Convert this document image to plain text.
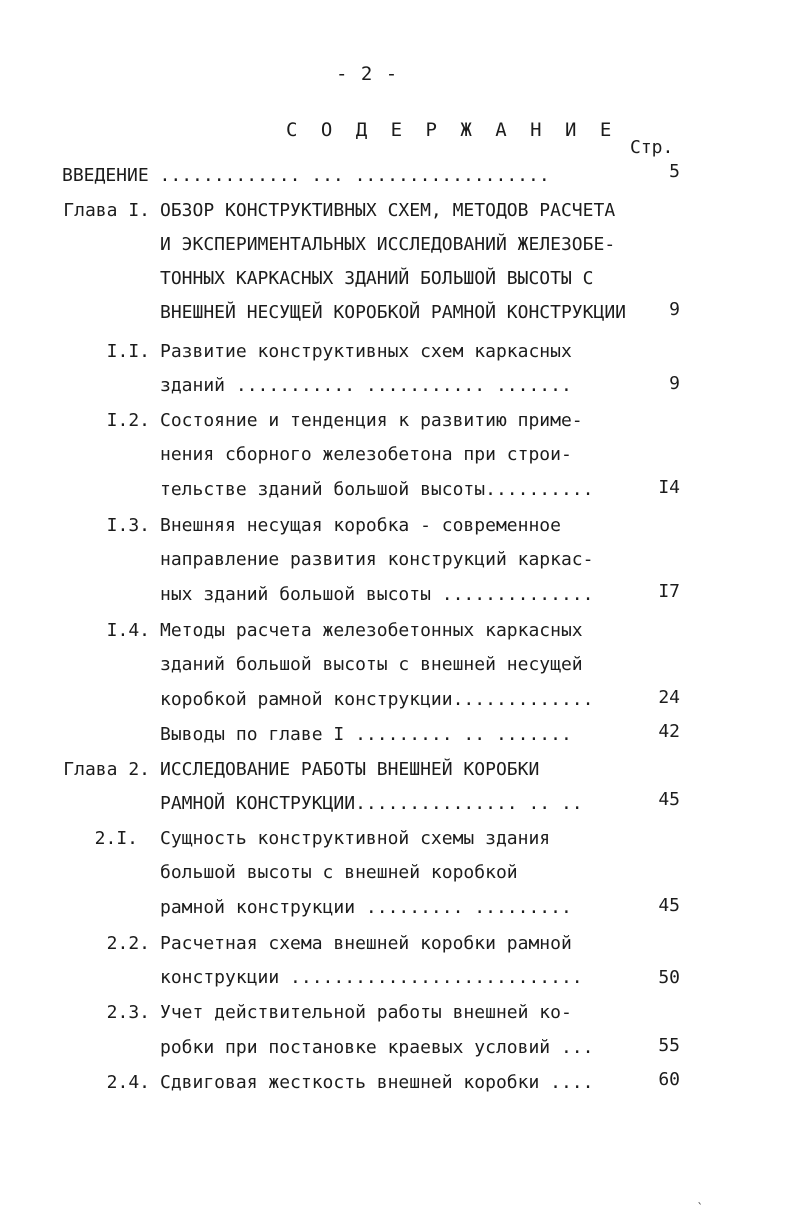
- 2 -
С О Д Е Р Ж А Н И Е
Стр.
ВВЕДЕНИЕ ............. ... ..................	5
Глава I. ОБЗОР КОНСТРУКТИВНЫХ СХЕМ, МЕТОДОВ РАСЧЕТА
И ЭКСПЕРИМЕНТАЛЬНЫХ ИССЛЕДОВАНИЙ ЖЕЛЕЗОБЕ-
ТОННЫХ КАРКАСНЫХ ЗДАНИЙ БОЛЬШОЙ ВЫСОТЫ С
ВНЕШНЕЙ НЕСУЩЕЙ КОРОБКОЙ РАМНОЙ КОНСТРУКЦИИ	9
I.I. Развитие конструктивных схем каркасных
зданий ........... ........... .......	9
I.2. Состояние и тенденция к развитию приме-
нения сборного железобетона при строи-
тельстве зданий большой высоты..........	I4
I.3. Внешняя несущая коробка - современное
направление развития конструкций каркас-
ных зданий большой высоты ..............	I7
I.4. Методы расчета железобетонных каркасных
зданий большой высоты с внешней несущей
коробкой рамной конструкции.............	24
Выводы по главе I ......... .. .......	42
Глава 2. ИССЛЕДОВАНИЕ РАБОТЫ ВНЕШНЕЙ КОРОБКИ
РАМНОЙ КОНСТРУКЦИИ............... .. ..	45
2.I. Сущность конструктивной схемы здания
большой высоты с внешней коробкой
рамной конструкции ......... .........	45
2.2. Расчетная схема внешней коробки рамной
конструкции ...........................	50
2.3. Учет действительной работы внешней ко-
робки при постановке краевых условий ...	55
2.4. Сдвиговая жесткость внешней коробки ....	60
ˎ
